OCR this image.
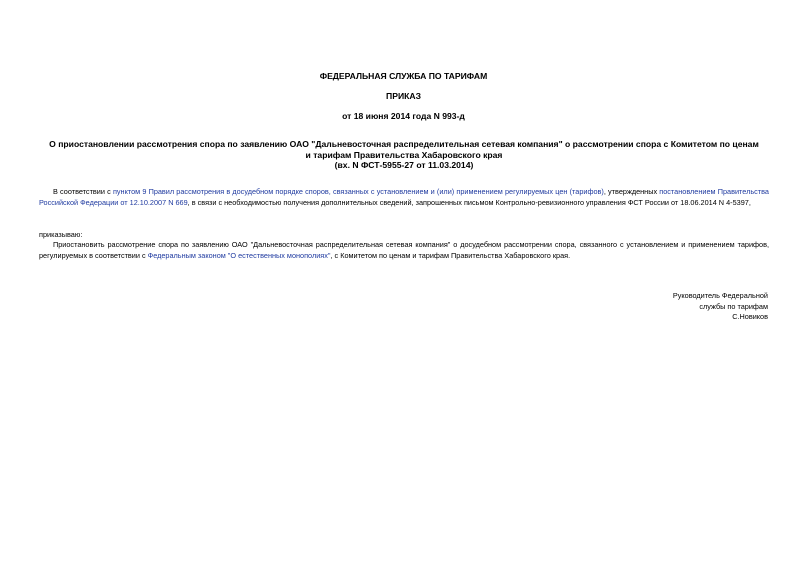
ФЕДЕРАЛЬНАЯ СЛУЖБА ПО ТАРИФАМ
ПРИКАЗ
от 18 июня 2014 года N 993-д
О приостановлении рассмотрения спора по заявлению ОАО "Дальневосточная распределительная сетевая компания" о рассмотрении спора с Комитетом по ценам
и тарифам Правительства Хабаровского края
(вх. N ФСТ-5955-27 от 11.03.2014)
В соответствии с пунктом 9 Правил рассмотрения в досудебном порядке споров, связанных с установлением и (или) применением регулируемых цен (тарифов), утвержденных постановлением Правительства Российской Федерации от 12.10.2007 N 669, в связи с необходимостью получения дополнительных сведений, запрошенных письмом Контрольно-ревизионного управления ФСТ России от 18.06.2014 N 4-5397,
приказываю:
Приостановить рассмотрение спора по заявлению ОАО "Дальневосточная распределительная сетевая компания" о досудебном рассмотрении спора, связанного с установлением и применением тарифов, регулируемых в соответствии с Федеральным законом "О естественных монополиях", с Комитетом по ценам и тарифам Правительства Хабаровского края.
Руководитель Федеральной
службы по тарифам
С.Новиков
